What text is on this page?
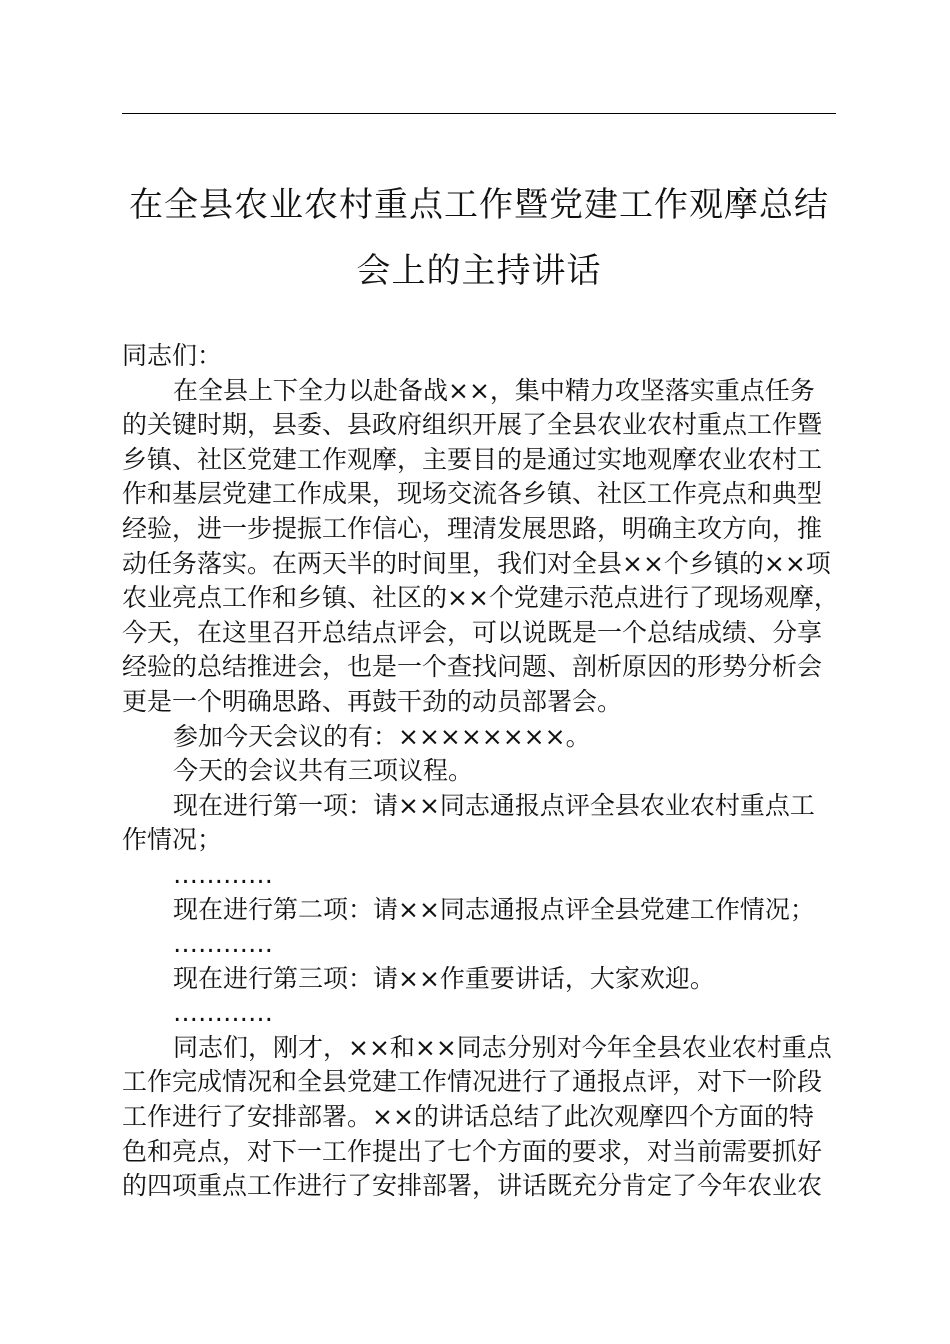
在全县农业农村重点工作暨党建工作观摩总结
会上的主持讲话
同志们：
在全县上下全力以赴备战××，集中精力攻坚落实重点任务
的关键时期，县委、县政府组织开展了全县农业农村重点工作暨
乡镇、社区党建工作观摩，主要目的是通过实地观摩农业农村工
作和基层党建工作成果，现场交流各乡镇、社区工作亮点和典型
经验，进一步提振工作信心，理清发展思路，明确主攻方向，推
动任务落实。在两天半的时间里，我们对全县××个乡镇的××项
农业亮点工作和乡镇、社区的××个党建示范点进行了现场观摩，
今天，在这里召开总结点评会，可以说既是一个总结成绩、分享
经验的总结推进会，也是一个查找问题、剖析原因的形势分析会
更是一个明确思路、再鼓干劲的动员部署会。
参加今天会议的有：××××××××。
今天的会议共有三项议程。
现在进行第一项：请××同志通报点评全县农业农村重点工
作情况；
…………
现在进行第二项：请××同志通报点评全县党建工作情况；
…………
现在进行第三项：请××作重要讲话，大家欢迎。
…………
同志们，刚才，××和××同志分别对今年全县农业农村重点
工作完成情况和全县党建工作情况进行了通报点评，对下一阶段
工作进行了安排部署。××的讲话总结了此次观摩四个方面的特
色和亮点，对下一工作提出了七个方面的要求，对当前需要抓好
的四项重点工作进行了安排部署，讲话既充分肯定了今年农业农
